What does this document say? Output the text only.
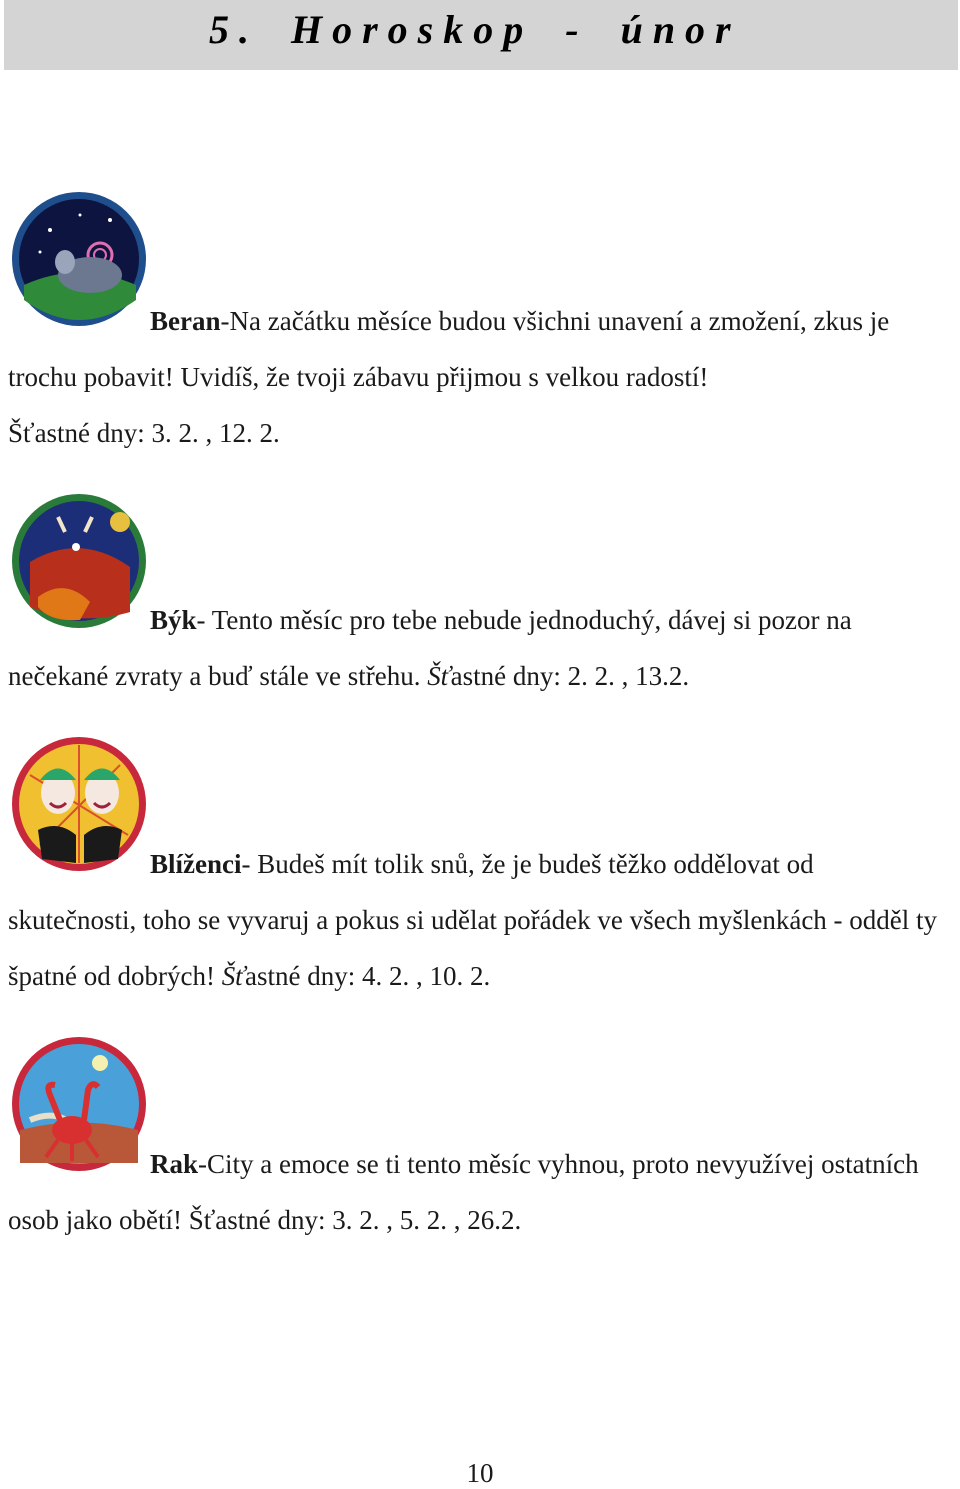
5. Horoskop - únor
Beran-Na začátku měsíce budou všichni unavení a zmožení, zkus je trochu pobavit! Uvidíš, že tvoji zábavu přijmou s velkou radostí!
Šťastné dny: 3. 2. , 12. 2.
Býk- Tento měsíc pro tebe nebude jednoduchý, dávej si pozor na nečekané zvraty a buď stále ve střehu. Šťastné dny: 2. 2. , 13.2.
Blíženci- Budeš mít tolik snů, že je budeš těžko oddělovat od skutečnosti, toho se vyvaruj a pokus si udělat pořádek ve všech myšlenkách - odděl ty špatné od dobrých! Šťastné dny: 4. 2. , 10. 2.
Rak-City a emoce se ti tento měsíc vyhnou, proto nevyužívej ostatních osob jako obětí! Šťastné dny: 3. 2. , 5. 2. , 26.2.
10
